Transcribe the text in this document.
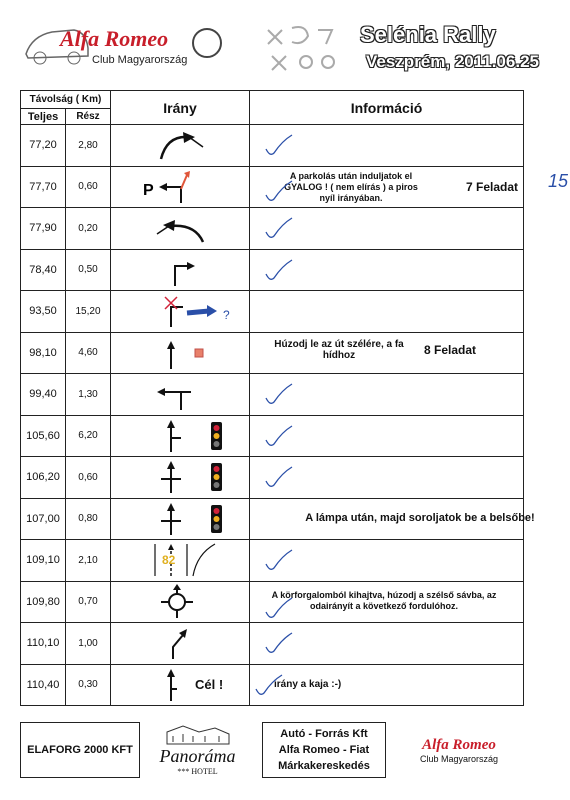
Alfa Romeo
Club Magyarország
Selénia Rally
Veszprém, 2011.06.25
Távolság ( Km)		Irány	Információ
Teljes	Rész		
77,20	2,80	

77,70	0,60	P	A parkolás után induljatok el GYALOG ! ( nem elírás ) a piros nyíl irányában.
7 Feladat 15

77,90	0,20	

78,40	0,50	

93,50	15,20	?	

98,10	4,60		Húzodj le az út szélére, a fa hídhoz 8 Feladat

99,40	1,30	

105,60	6,20	

106,20	0,60	

107,00	0,80		A lámpa után, majd soroljatok be a belsőbe!

109,10	2,10	82

109,80	0,70		A körforgalomból kihajtva, húzodj a szélső sávba, az odairányít a következő fordulóhoz.

110,10	1,00	

110,40	0,30	Cél !	irány a kaja :-)
ELAFORG 2000 KFT	Panoráma
*** HOTEL
Autó - Forrás Kft
Alfa Romeo - Fiat
Márkakereskedés
Alfa Romeo
Club Magyarország
